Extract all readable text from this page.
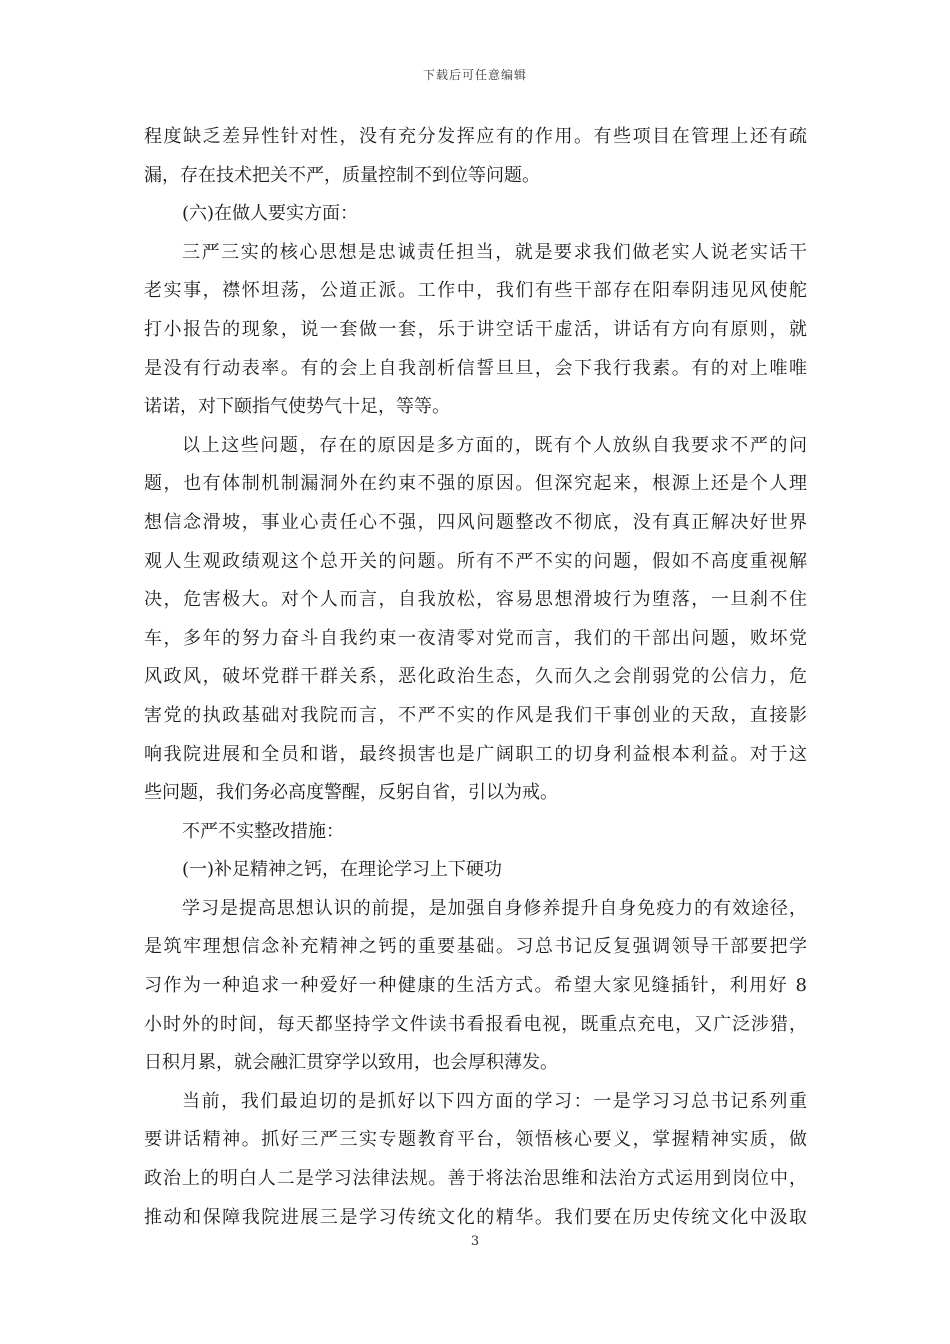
下载后可任意编辑
程度缺乏差异性针对性，没有充分发挥应有的作用。有些项目在管理上还有疏
漏，存在技术把关不严，质量控制不到位等问题。
(六)在做人要实方面：
三严三实的核心思想是忠诚责任担当，就是要求我们做老实人说老实话干
老实事，襟怀坦荡，公道正派。工作中，我们有些干部存在阳奉阴违见风使舵
打小报告的现象，说一套做一套，乐于讲空话干虚活，讲话有方向有原则，就
是没有行动表率。有的会上自我剖析信誓旦旦，会下我行我素。有的对上唯唯
诺诺，对下颐指气使势气十足，等等。
以上这些问题，存在的原因是多方面的，既有个人放纵自我要求不严的问
题，也有体制机制漏洞外在约束不强的原因。但深究起来，根源上还是个人理
想信念滑坡，事业心责任心不强，四风问题整改不彻底，没有真正解决好世界
观人生观政绩观这个总开关的问题。所有不严不实的问题，假如不高度重视解
决，危害极大。对个人而言，自我放松，容易思想滑坡行为堕落，一旦刹不住
车，多年的努力奋斗自我约束一夜清零对党而言，我们的干部出问题，败坏党
风政风，破坏党群干群关系，恶化政治生态，久而久之会削弱党的公信力，危
害党的执政基础对我院而言，不严不实的作风是我们干事创业的天敌，直接影
响我院进展和全员和谐，最终损害也是广阔职工的切身利益根本利益。对于这
些问题，我们务必高度警醒，反躬自省，引以为戒。
不严不实整改措施：
(一)补足精神之钙，在理论学习上下硬功
学习是提高思想认识的前提，是加强自身修养提升自身免疫力的有效途径，
是筑牢理想信念补充精神之钙的重要基础。习总书记反复强调领导干部要把学
习作为一种追求一种爱好一种健康的生活方式。希望大家见缝插针，利用好 8
小时外的时间，每天都坚持学文件读书看报看电视，既重点充电，又广泛涉猎，
日积月累，就会融汇贯穿学以致用，也会厚积薄发。
当前，我们最迫切的是抓好以下四方面的学习：一是学习习总书记系列重
要讲话精神。抓好三严三实专题教育平台，领悟核心要义，掌握精神实质，做
政治上的明白人二是学习法律法规。善于将法治思维和法治方式运用到岗位中，
推动和保障我院进展三是学习传统文化的精华。我们要在历史传统文化中汲取
3
